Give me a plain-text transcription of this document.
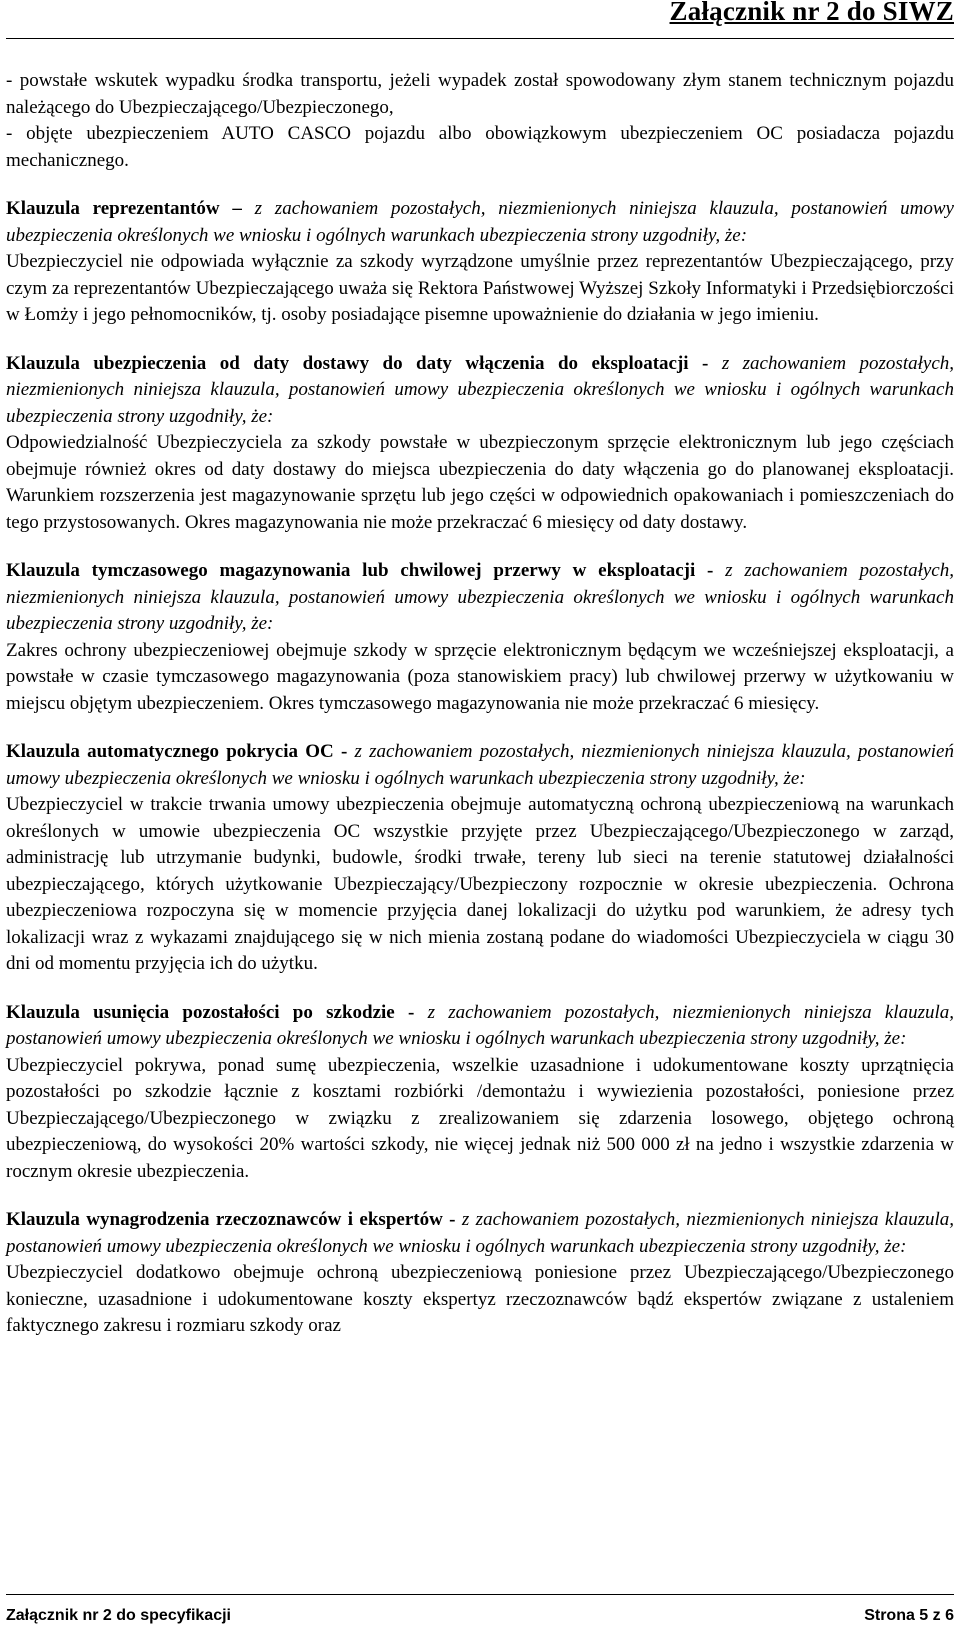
Załącznik nr 2 do SIWZ

- powstałe wskutek wypadku środka transportu, jeżeli wypadek został spowodowany złym stanem technicznym pojazdu należącego do Ubezpieczającego/Ubezpieczonego,

- objęte ubezpieczeniem AUTO CASCO pojazdu albo obowiązkowym ubezpieczeniem OC posiadacza pojazdu mechanicznego.

Klauzula reprezentantów – z zachowaniem pozostałych, niezmienionych niniejsza klauzula, postanowień umowy ubezpieczenia określonych we wniosku i ogólnych warunkach ubezpieczenia strony uzgodniły, że:

Ubezpieczyciel nie odpowiada wyłącznie za szkody wyrządzone umyślnie przez reprezentantów Ubezpieczającego, przy czym za reprezentantów Ubezpieczającego uważa się Rektora Państwowej Wyższej Szkoły Informatyki i Przedsiębiorczości w Łomży i jego pełnomocników, tj. osoby posiadające pisemne upoważnienie do działania w jego imieniu.

Klauzula ubezpieczenia od daty dostawy do daty włączenia do eksploatacji - z zachowaniem pozostałych, niezmienionych niniejsza klauzula, postanowień umowy ubezpieczenia określonych we wniosku i ogólnych warunkach ubezpieczenia strony uzgodniły, że:

Odpowiedzialność Ubezpieczyciela za szkody powstałe w ubezpieczonym sprzęcie elektronicznym lub jego częściach obejmuje również okres od daty dostawy do miejsca ubezpieczenia do daty włączenia go do planowanej eksploatacji. Warunkiem rozszerzenia jest magazynowanie sprzętu lub jego części w odpowiednich opakowaniach i pomieszczeniach do tego przystosowanych. Okres magazynowania nie może przekraczać 6 miesięcy od daty dostawy.

Klauzula tymczasowego magazynowania lub chwilowej przerwy w eksploatacji - z zachowaniem pozostałych, niezmienionych niniejsza klauzula, postanowień umowy ubezpieczenia określonych we wniosku i ogólnych warunkach ubezpieczenia strony uzgodniły, że:

Zakres ochrony ubezpieczeniowej obejmuje szkody w sprzęcie elektronicznym będącym we wcześniejszej eksploatacji, a powstałe w czasie tymczasowego magazynowania (poza stanowiskiem pracy) lub chwilowej przerwy w użytkowaniu w miejscu objętym ubezpieczeniem. Okres tymczasowego magazynowania nie może przekraczać 6 miesięcy.

Klauzula automatycznego pokrycia OC - z zachowaniem pozostałych, niezmienionych niniejsza klauzula, postanowień umowy ubezpieczenia określonych we wniosku i ogólnych warunkach ubezpieczenia strony uzgodniły, że:

Ubezpieczyciel w trakcie trwania umowy ubezpieczenia obejmuje automatyczną ochroną ubezpieczeniową na warunkach określonych w umowie ubezpieczenia OC wszystkie przyjęte przez Ubezpieczającego/Ubezpieczonego w zarząd, administrację lub utrzymanie budynki, budowle, środki trwałe, tereny lub sieci na terenie statutowej działalności ubezpieczającego, których użytkowanie Ubezpieczający/Ubezpieczony rozpocznie w okresie ubezpieczenia. Ochrona ubezpieczeniowa rozpoczyna się w momencie przyjęcia danej lokalizacji do użytku pod warunkiem, że adresy tych lokalizacji wraz z wykazami znajdującego się w nich mienia zostaną podane do wiadomości Ubezpieczyciela w ciągu 30 dni od momentu przyjęcia ich do użytku.

Klauzula usunięcia pozostałości po szkodzie - z zachowaniem pozostałych, niezmienionych niniejsza klauzula, postanowień umowy ubezpieczenia określonych we wniosku i ogólnych warunkach ubezpieczenia strony uzgodniły, że:

Ubezpieczyciel pokrywa, ponad sumę ubezpieczenia, wszelkie uzasadnione i udokumentowane koszty uprzątnięcia pozostałości po szkodzie łącznie z kosztami rozbiórki /demontażu i wywiezienia pozostałości, poniesione przez Ubezpieczającego/Ubezpieczonego w związku z zrealizowaniem się zdarzenia losowego, objętego ochroną ubezpieczeniową, do wysokości 20% wartości szkody, nie więcej jednak niż 500 000 zł na jedno i wszystkie zdarzenia w rocznym okresie ubezpieczenia.

Klauzula wynagrodzenia rzeczoznawców i ekspertów - z zachowaniem pozostałych, niezmienionych niniejsza klauzula, postanowień umowy ubezpieczenia określonych we wniosku i ogólnych warunkach ubezpieczenia strony uzgodniły, że:

Ubezpieczyciel dodatkowo obejmuje ochroną ubezpieczeniową poniesione przez Ubezpieczającego/Ubezpieczonego konieczne, uzasadnione i udokumentowane koszty ekspertyz rzeczoznawców bądź ekspertów związane z ustaleniem faktycznego zakresu i rozmiaru szkody oraz

Załącznik nr 2 do specyfikacji	Strona 5 z 6
